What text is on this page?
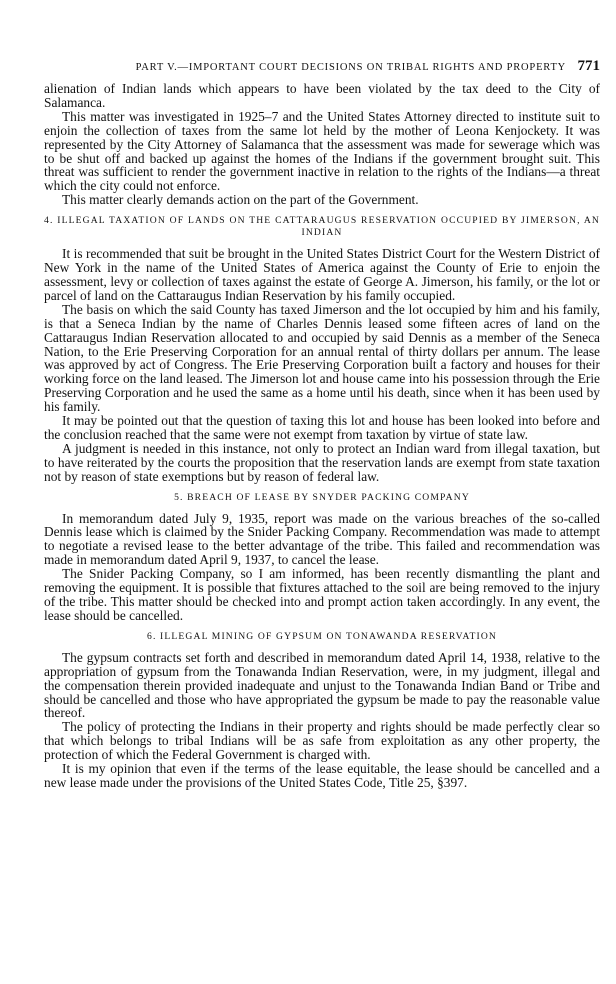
PART V.—IMPORTANT COURT DECISIONS ON TRIBAL RIGHTS AND PROPERTY 771

alienation of Indian lands which appears to have been violated by the tax deed to the City of Salamanca.

This matter was investigated in 1925–7 and the United States Attorney directed to institute suit to enjoin the collection of taxes from the same lot held by the mother of Leona Kenjockety. It was represented by the City Attorney of Salamanca that the assessment was made for sewerage which was to be shut off and backed up against the homes of the Indians if the government brought suit. This threat was sufficient to render the government inactive in relation to the rights of the Indians—a threat which the city could not enforce.

This matter clearly demands action on the part of the Government.

4. ILLEGAL TAXATION OF LANDS ON THE CATTARAUGUS RESERVATION OCCUPIED BY JIMERSON, AN INDIAN

It is recommended that suit be brought in the United States District Court for the Western District of New York in the name of the United States of America against the County of Erie to enjoin the assessment, levy or collection of taxes against the estate of George A. Jimerson, his family, or the lot or parcel of land on the Cattaraugus Indian Reservation by his family occupied.

The basis on which the said County has taxed Jimerson and the lot occupied by him and his family, is that a Seneca Indian by the name of Charles Dennis leased some fifteen acres of land on the Cattaraugus Indian Reservation allocated to and occupied by said Dennis as a member of the Seneca Nation, to the Erie Preserving Corporation for an annual rental of thirty dollars per annum. The lease was approved by act of Congress. The Erie Preserving Corporation built a factory and houses for their working force on the land leased. The Jimerson lot and house came into his possession through the Erie Preserving Corporation and he used the same as a home until his death, since when it has been used by his family.

It may be pointed out that the question of taxing this lot and house has been looked into before and the conclusion reached that the same were not exempt from taxation by virtue of state law.

A judgment is needed in this instance, not only to protect an Indian ward from illegal taxation, but to have reiterated by the courts the proposition that the reservation lands are exempt from state taxation not by reason of state exemptions but by reason of federal law.

5. BREACH OF LEASE BY SNYDER PACKING COMPANY

In memorandum dated July 9, 1935, report was made on the various breaches of the so-called Dennis lease which is claimed by the Snider Packing Company. Recommendation was made to attempt to negotiate a revised lease to the better advantage of the tribe. This failed and recommendation was made in memorandum dated April 9, 1937, to cancel the lease.

The Snider Packing Company, so I am informed, has been recently dismantling the plant and removing the equipment. It is possible that fixtures attached to the soil are being removed to the injury of the tribe. This matter should be checked into and prompt action taken accordingly. In any event, the lease should be cancelled.

6. ILLEGAL MINING OF GYPSUM ON TONAWANDA RESERVATION

The gypsum contracts set forth and described in memorandum dated April 14, 1938, relative to the appropriation of gypsum from the Tonawanda Indian Reservation, were, in my judgment, illegal and the compensation therein provided inadequate and unjust to the Tonawanda Indian Band or Tribe and should be cancelled and those who have appropriated the gypsum be made to pay the reasonable value thereof.

The policy of protecting the Indians in their property and rights should be made perfectly clear so that which belongs to tribal Indians will be as safe from exploitation as any other property, the protection of which the Federal Government is charged with.

It is my opinion that even if the terms of the lease equitable, the lease should be cancelled and a new lease made under the provisions of the United States Code, Title 25, §397.
